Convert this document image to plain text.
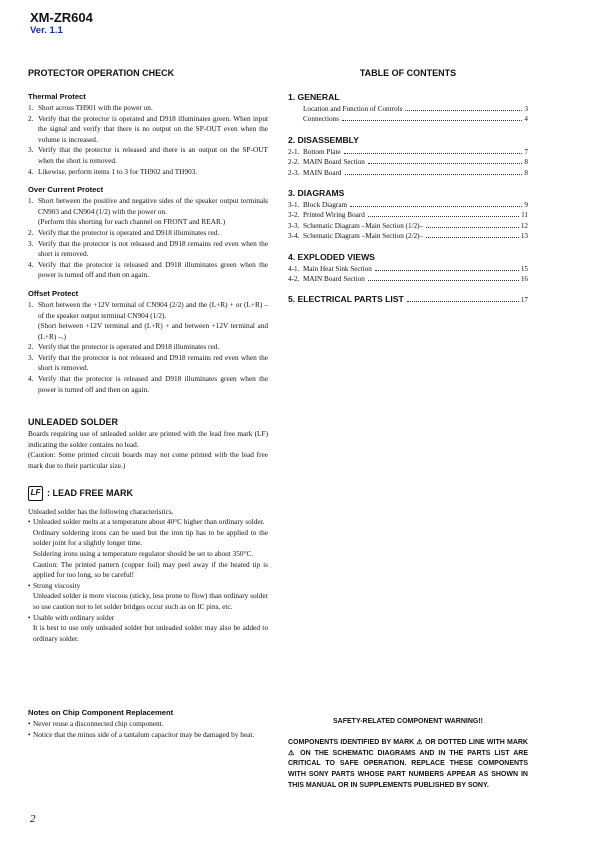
XM-ZR604
Ver. 1.1
PROTECTOR OPERATION CHECK
Thermal Protect
1. Short across TH901 with the power on.
2. Verify that the protector is operated and D918 illuminates green. When input the signal and verify that there is no output on the SP-OUT even when the volume is increased.
3. Verify that the protector is released and there is an output on the SP-OUT when the short is removed.
4. Likewise, perform items 1 to 3 for TH902 and TH903.
Over Current Protect
1. Short between the positive and negative sides of the speaker output terminals CN903 and CN904 (1/2) with the power on.

(Perform this shorting for each channel on FRONT and REAR.)

2. Verify that the protector is operated and D918 illuminates red.
3. Verify that the protector is not released and D918 remains red even when the short is removed.
4. Verify that the protector is released and D918 illuminates green when the power is turned off and then on again.
Offset Protect
1. Short between the +12V terminal of CN904 (2/2) and the (L+R) + or (L+R) – of the speaker output terminal CN904 (1/2).

(Short between +12V terminal and (L+R) + and between +12V terminal and (L+R) –.)

2. Verify that the protector is operated and D918 illuminates red.
3. Verify that the protector is not released and D918 remains red even when the short is removed.
4. Verify that the protector is released and D918 illuminates green when the power is turned off and then on again.
UNLEADED SOLDER

Boards requiring use of unleaded solder are printed with the lead free mark (LF) indicating the solder contains no lead.

(Caution: Some printed circuit boards may not come printed with the lead free mark due to their particular size.)

LF : LEAD FREE MARK

Unleaded solder has the following characteristics.

• Unleaded solder melts at a temperature about 40°C higher than ordinary solder.

Ordinary soldering irons can be used but the iron tip has to be applied to the solder joint for a slightly longer time.

Soldering irons using a temperature regulator should be set to about 350°C.

Caution: The printed pattern (copper foil) may peel away if the heated tip is applied for too long, so be careful!

• Strong viscosity

Unleaded solder is more viscous (sticky, less prone to flow) than ordinary solder so use caution not to let solder bridges occur such as on IC pins, etc.

• Usable with ordinary solder

It is best to use only unleaded solder but unleaded solder may also be added to ordinary solder.

TABLE OF CONTENTS
1. GENERAL
Location and Function of Controls	3
Connections	4
2. DISASSEMBLY
2-1. Bottom Plate	7
2-2. MAIN Board Section	8
2-3. MAIN Board	8
3. DIAGRAMS
3-1. Block Diagram	9
3-2. Printed Wiring Board	11
3-3. Schematic Diagram –Main Section (1/2)–	12
3-4. Schematic Diagram –Main Section (2/2)–	13
4. EXPLODED VIEWS
4-1. Main Heat Sink Section	15
4-2. MAIN Board Section	16
5. ELECTRICAL PARTS LIST	17
Notes on Chip Component Replacement
• Never reuse a disconnected chip component.
• Notice that the minus side of a tantalum capacitor may be damaged by heat.
SAFETY-RELATED COMPONENT WARNING!!
COMPONENTS IDENTIFIED BY MARK ⚠ OR DOTTED LINE WITH MARK ⚠ ON THE SCHEMATIC DIAGRAMS AND IN THE PARTS LIST ARE CRITICAL TO SAFE OPERATION. REPLACE THESE COMPONENTS WITH SONY PARTS WHOSE PART NUMBERS APPEAR AS SHOWN IN THIS MANUAL OR IN SUPPLEMENTS PUBLISHED BY SONY.
2
